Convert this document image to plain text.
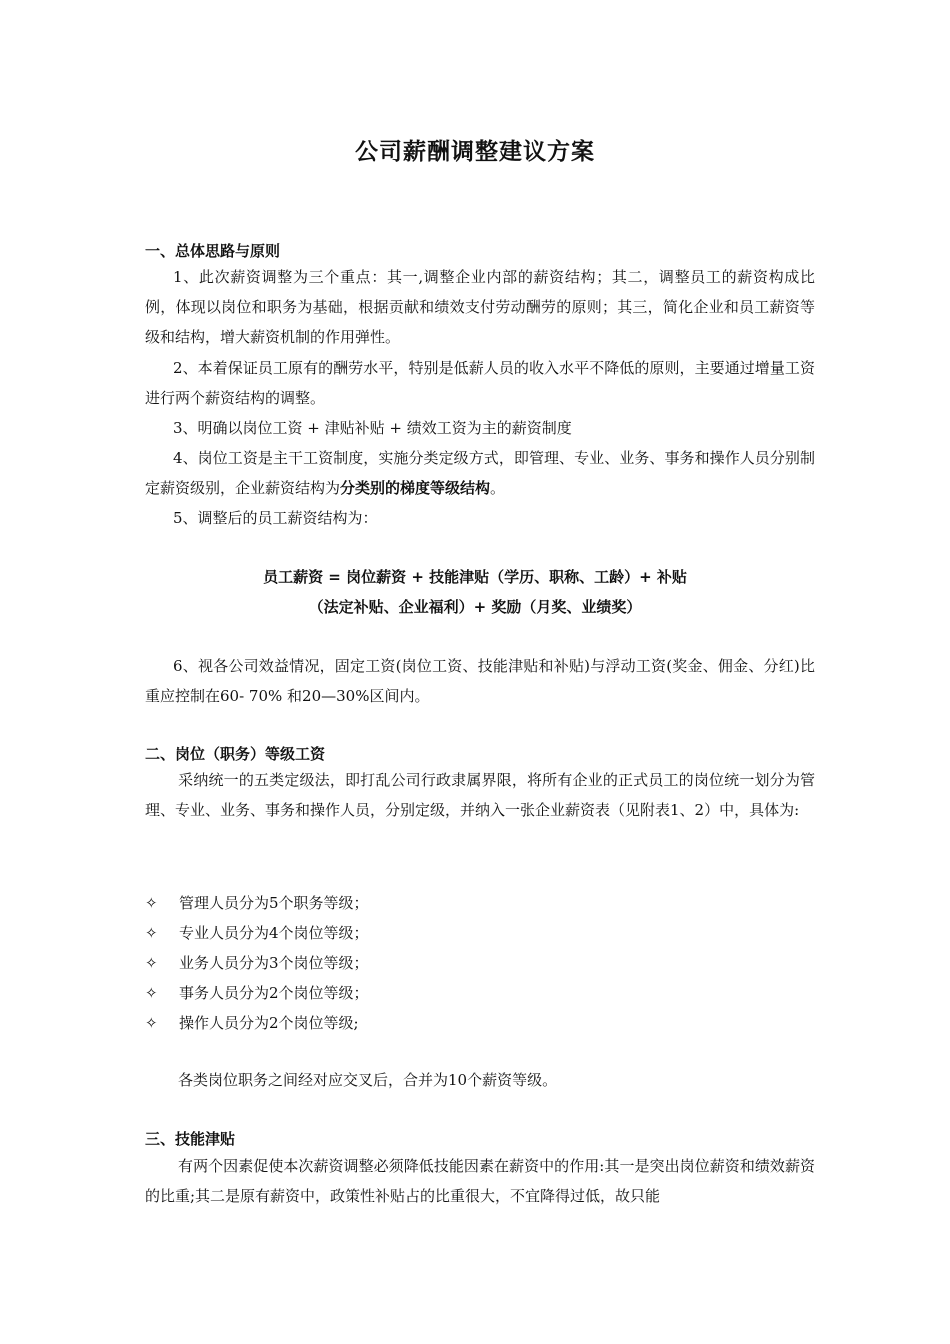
公司薪酬调整建议方案
一、总体思路与原则
1、此次薪资调整为三个重点：其一,调整企业内部的薪资结构；其二，调整员工的薪资构成比例，体现以岗位和职务为基础，根据贡献和绩效支付劳动酬劳的原则；其三，简化企业和员工薪资等级和结构，增大薪资机制的作用弹性。
2、本着保证员工原有的酬劳水平，特别是低薪人员的收入水平不降低的原则，主要通过增量工资进行两个薪资结构的调整。
3、明确以岗位工资 + 津贴补贴 + 绩效工资为主的薪资制度
4、岗位工资是主干工资制度，实施分类定级方式，即管理、专业、业务、事务和操作人员分别制定薪资级别，企业薪资结构为分类别的梯度等级结构。
5、调整后的员工薪资结构为：
员工薪资 = 岗位薪资 + 技能津贴（学历、职称、工龄）+ 补贴
（法定补贴、企业福利）+ 奖励（月奖、业绩奖）
6、视各公司效益情况，固定工资(岗位工资、技能津贴和补贴)与浮动工资(奖金、佣金、分红)比重应控制在60- 70% 和20—30%区间内。
二、岗位（职务）等级工资
采纳统一的五类定级法，即打乱公司行政隶属界限，将所有企业的正式员工的岗位统一划分为管理、专业、业务、事务和操作人员，分别定级，并纳入一张企业薪资表（见附表1、2）中，具体为:
✧	管理人员分为5个职务等级；
✧	专业人员分为4个岗位等级；
✧	业务人员分为3个岗位等级；
✧	事务人员分为2个岗位等级；
✧	操作人员分为2个岗位等级;
各类岗位职务之间经对应交叉后，合并为10个薪资等级。
三、技能津贴
有两个因素促使本次薪资调整必须降低技能因素在薪资中的作用:其一是突出岗位薪资和绩效薪资的比重;其二是原有薪资中，政策性补贴占的比重很大，不宜降得过低，故只能
